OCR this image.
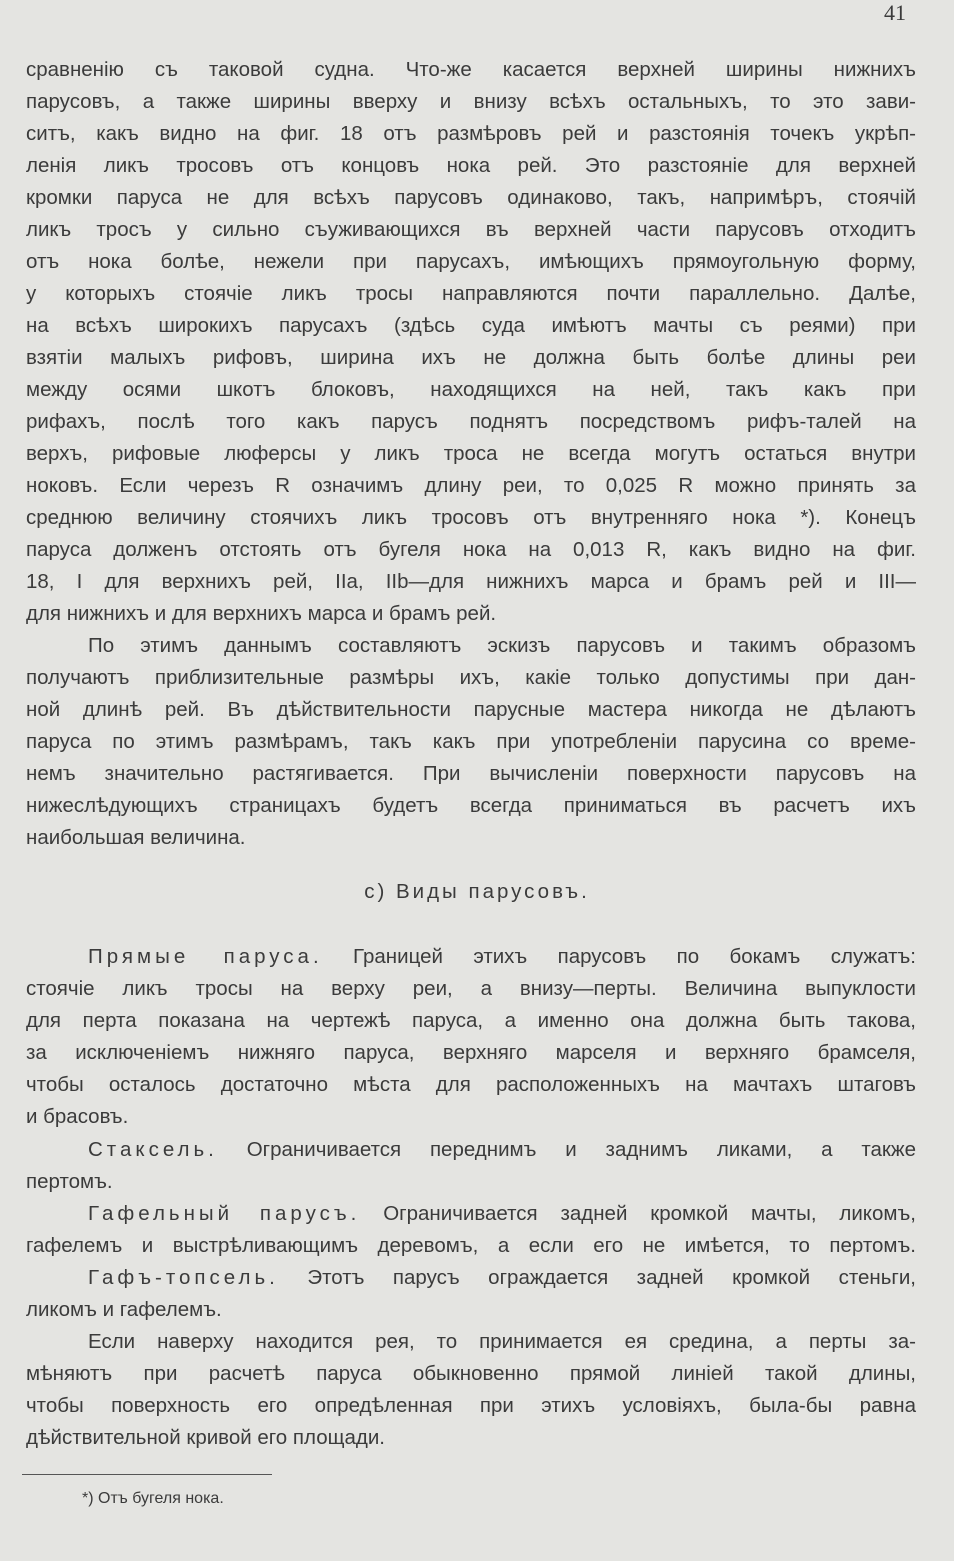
41
сравненію съ таковой судна. Что-же касается верхней ширины нижнихъ
парусовъ, а также ширины вверху и внизу всѣхъ остальныхъ, то это зави-
ситъ, какъ видно на фиг. 18 отъ размѣровъ рей и разстоянія точекъ укрѣп-
ленія ликъ тросовъ отъ концовъ нока рей. Это разстояніе для верхней
кромки паруса не для всѣхъ парусовъ одинаково, такъ, напримѣръ, стоячій
ликъ тросъ у сильно съуживающихся въ верхней части парусовъ отходитъ
отъ нока болѣе, нежели при парусахъ, имѣющихъ прямоугольную форму,
у которыхъ стоячіе ликъ тросы направляются почти параллельно. Далѣе,
на всѣхъ широкихъ парусахъ (здѣсь суда имѣютъ мачты съ реями) при
взятіи малыхъ рифовъ, ширина ихъ не должна быть болѣе длины реи
между осями шкотъ блоковъ, находящихся на ней, такъ какъ при
рифахъ, послѣ того какъ парусъ поднятъ посредствомъ рифъ-талей на
верхъ, рифовые люферсы у ликъ троса не всегда могутъ остаться внутри
ноковъ. Если черезъ R означимъ длину реи, то 0,025 R можно принять за
среднюю величину стоячихъ ликъ тросовъ отъ внутренняго нока *). Конецъ
паруса долженъ отстоять отъ бугеля нока на 0,013 R, какъ видно на фиг.
18, I для верхнихъ рей, IIa, IIb—для нижнихъ марса и брамъ рей и III—
для нижнихъ и для верхнихъ марса и брамъ рей.
По этимъ даннымъ составляютъ эскизъ парусовъ и такимъ образомъ
получаютъ приблизительные размѣры ихъ, какіе только допустимы при дан-
ной длинѣ рей. Въ дѣйствительности парусные мастера никогда не дѣлаютъ
паруса по этимъ размѣрамъ, такъ какъ при употребленіи парусина со време-
немъ значительно растягивается. При вычисленіи поверхности парусовъ на
нижеслѣдующихъ страницахъ будетъ всегда приниматься въ расчетъ ихъ
наибольшая величина.
с) Виды парусовъ.
Прямые паруса. Границей этихъ парусовъ по бокамъ служатъ:
стоячіе ликъ тросы на верху реи, а внизу—перты. Величина выпуклости
для перта показана на чертежѣ паруса, а именно она должна быть такова,
за исключеніемъ нижняго паруса, верхняго марселя и верхняго брамселя,
чтобы осталось достаточно мѣста для расположенныхъ на мачтахъ штаговъ
и брасовъ.
Стаксель. Ограничивается переднимъ и заднимъ ликами, а также
пертомъ.
Гафельный парусъ. Ограничивается задней кромкой мачты, ликомъ,
гафелемъ и выстрѣливающимъ деревомъ, а если его не имѣется, то пертомъ.
Гафъ-топсель. Этотъ парусъ ограждается задней кромкой стеньги,
ликомъ и гафелемъ.
Если наверху находится рея, то принимается ея средина, а перты за-
мѣняютъ при расчетѣ паруса обыкновенно прямой линіей такой длины,
чтобы поверхность его опредѣленная при этихъ условіяхъ, была-бы равна
дѣйствительной кривой его площади.
*) Отъ бугеля нока.
